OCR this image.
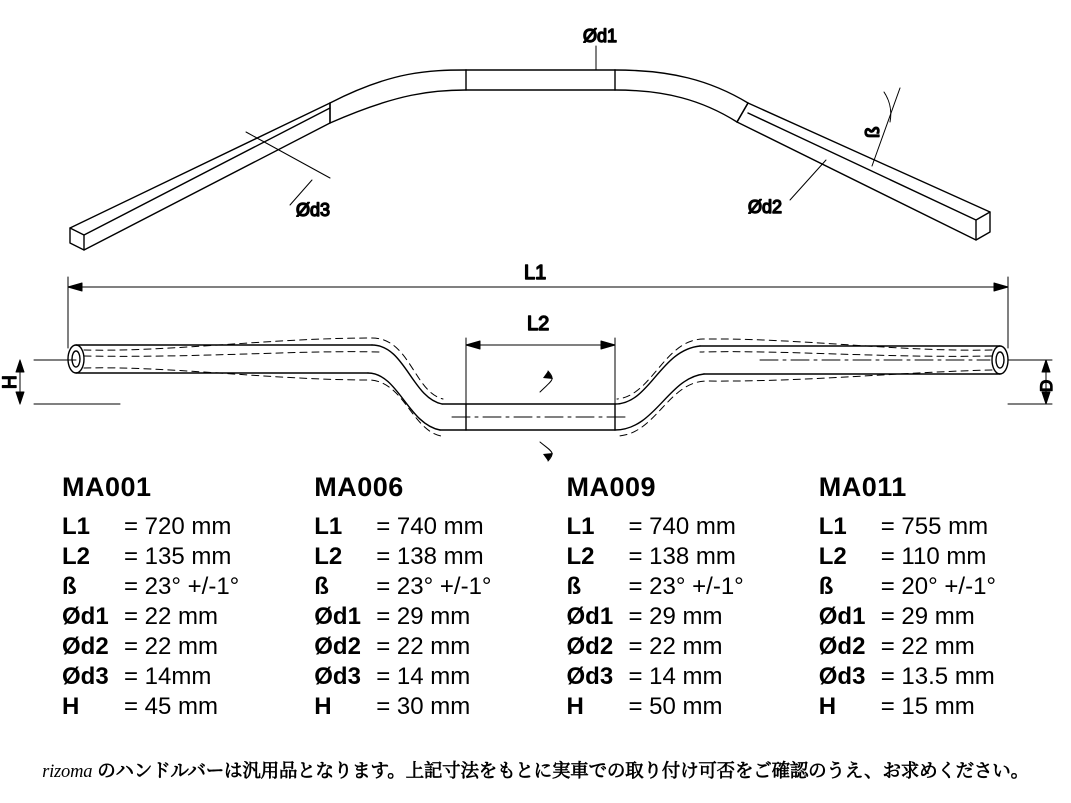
Ød1
Ød2
Ød3
ß
L1
L2
H	D
MA001
L1	= 720 mm
L2	= 135 mm
ß	= 23° +/-1°
Ød1 = 22 mm
Ød2 = 22 mm
Ød3 = 14mm
H	= 45 mm
MA006
L1	= 740 mm
L2	= 138 mm
ß	= 23° +/-1°
Ød1 = 29 mm
Ød2 = 22 mm
Ød3 = 14 mm
H	= 30 mm
MA009
L1	= 740 mm
L2	= 138 mm
ß	= 23° +/-1°
Ød1 = 29 mm
Ød2 = 22 mm
Ød3 = 14 mm
H	= 50 mm
MA011
L1	= 755 mm
L2	= 110 mm
ß	= 20° +/-1°
Ød1 = 29 mm
Ød2 = 22 mm
Ød3 = 13.5 mm
H	= 15 mm
rizoma のハンドルバーは汎用品となります。上記寸法をもとに実車での取り付け可否をご確認のうえ、お求めください。
